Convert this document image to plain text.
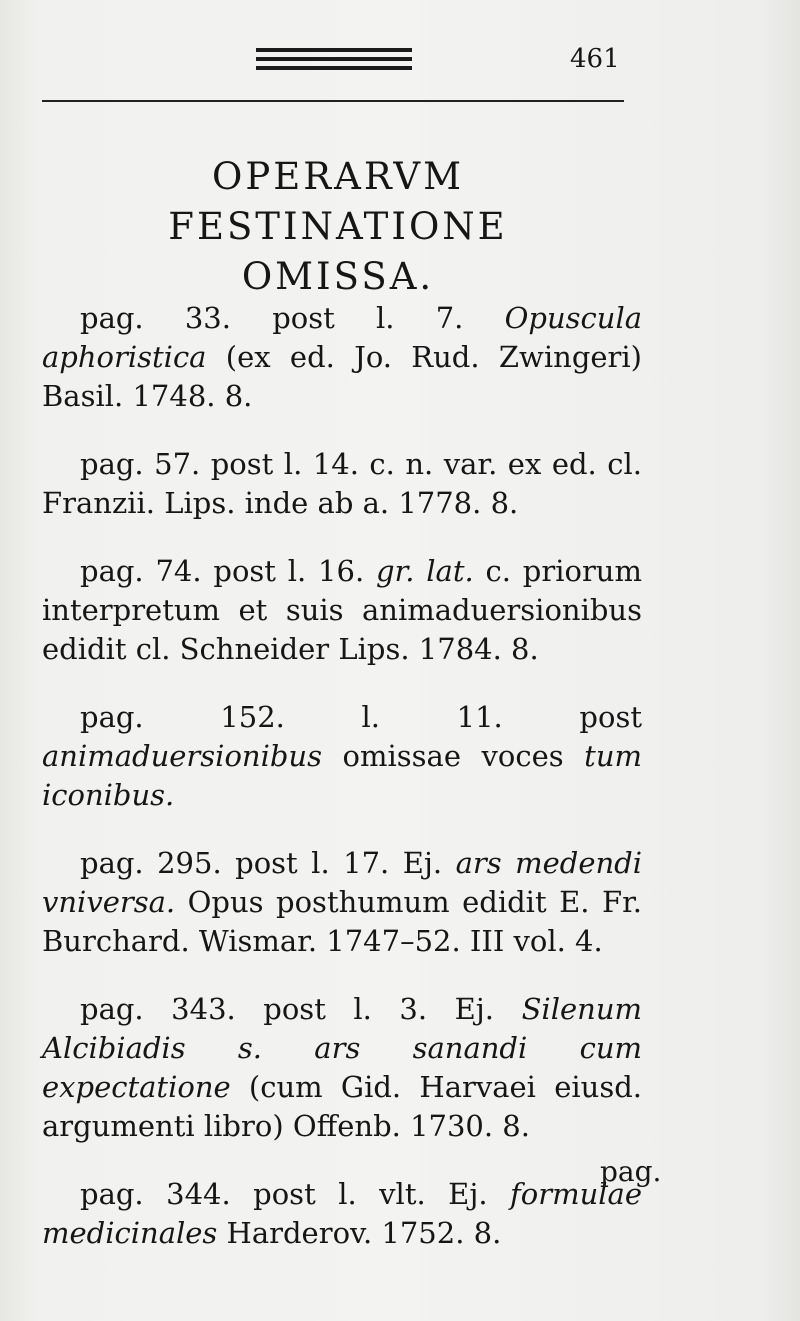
461
OPERARVM FESTINATIONE
OMISSA.

pag. 33. post l. 7. Opuscula aphoristica (ex ed. Jo. Rud. Zwingeri) Basil. 1748. 8.

pag. 57. post l. 14. c. n. var. ex ed. cl. Franzii. Lips. inde ab a. 1778. 8.

pag. 74. post l. 16. gr. lat. c. priorum interpretum et suis animaduersionibus edidit cl. Schneider Lips. 1784. 8.

pag. 152. l. 11. post animaduersionibus omissae voces tum iconibus.

pag. 295. post l. 17. Ej. ars medendi vniversa. Opus posthumum edidit E. Fr. Burchard. Wismar. 1747–52. III vol. 4.

pag. 343. post l. 3. Ej. Silenum Alcibiadis s. ars sanandi cum expectatione (cum Gid. Harvaei eiusd. argumenti libro) Offenb. 1730. 8.

pag. 344. post l. vlt. Ej. formulae medicinales Harderov. 1752. 8.

pag.
